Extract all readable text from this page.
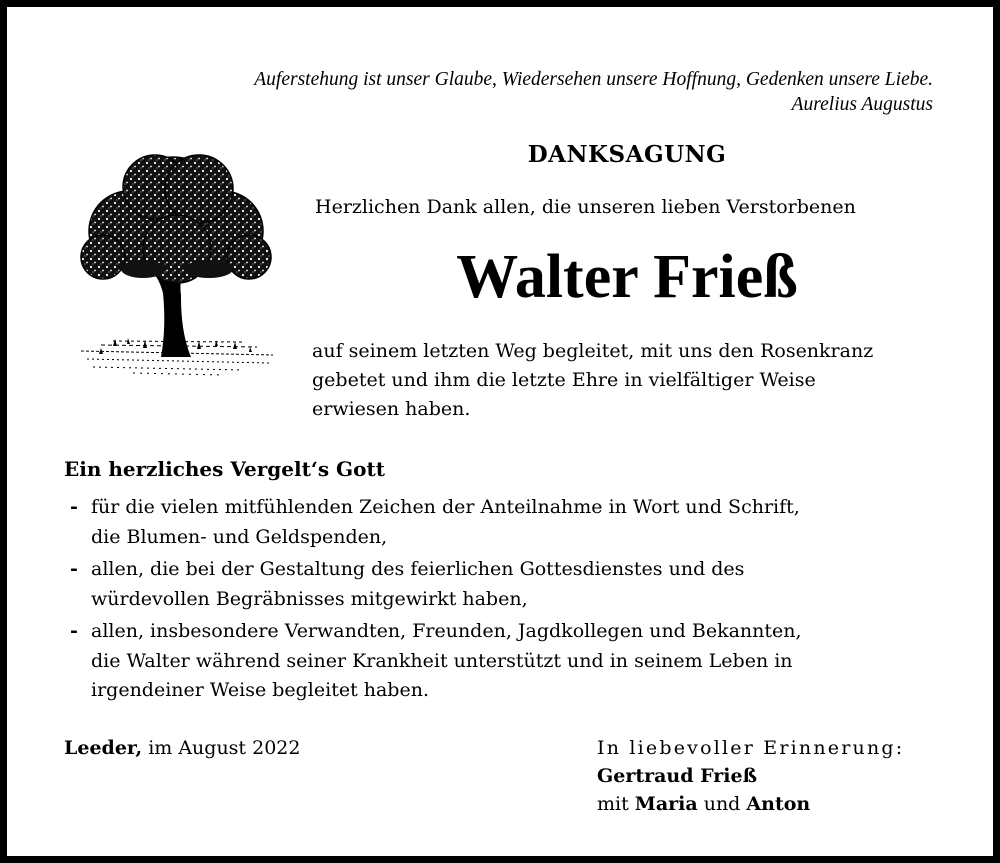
Auferstehung ist unser Glaube, Wiedersehen unsere Hoffnung, Gedenken unsere Liebe.
Aurelius Augustus
DANKSAGUNG
Herzlichen Dank allen, die unseren lieben Verstorbenen
Walter Frieß
auf seinem letzten Weg begleitet, mit uns den Rosenkranz
gebetet und ihm die letzte Ehre in vielfältiger Weise
erwiesen haben.
Ein herzliches Vergelt‘s Gott
- für die vielen mitfühlenden Zeichen der Anteilnahme in Wort und Schrift,
die Blumen- und Geldspenden,
- allen, die bei der Gestaltung des feierlichen Gottesdienstes und des
würdevollen Begräbnisses mitgewirkt haben,
- allen, insbesondere Verwandten, Freunden, Jagdkollegen und Bekannten,
die Walter während seiner Krankheit unterstützt und in seinem Leben in
irgendeiner Weise begleitet haben.
Leeder, im August 2022	In liebevoller Erinnerung:
Gertraud Frieß
mit Maria und Anton
